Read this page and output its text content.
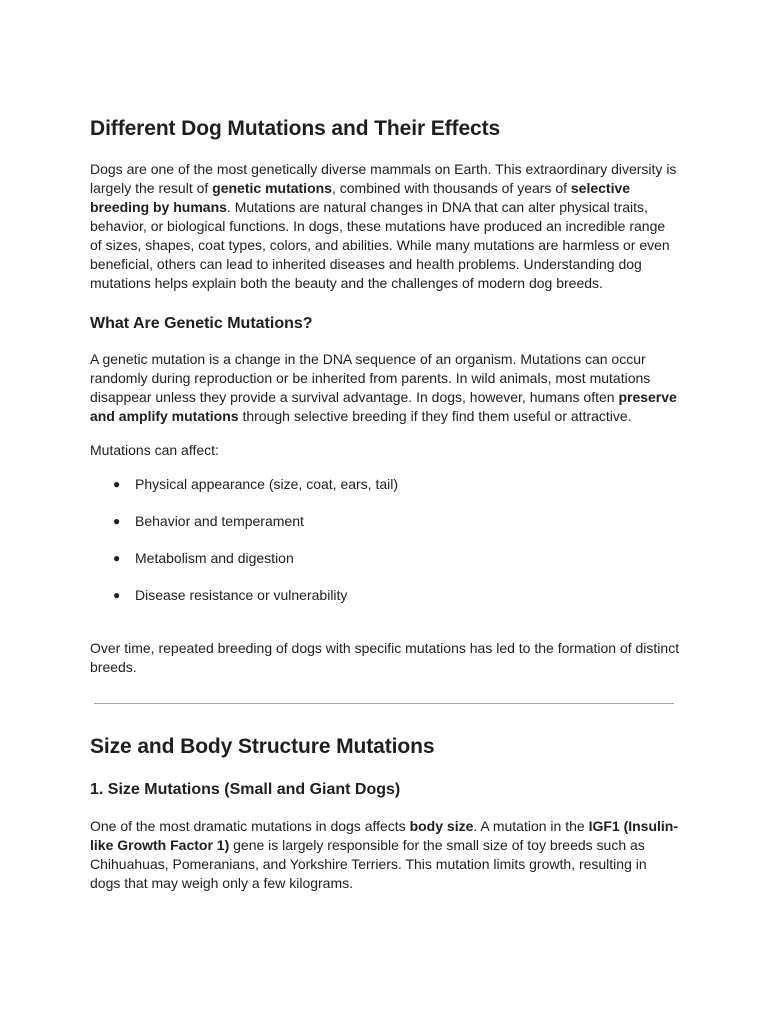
Different Dog Mutations and Their Effects

Dogs are one of the most genetically diverse mammals on Earth. This extraordinary diversity is largely the result of genetic mutations, combined with thousands of years of selective breeding by humans. Mutations are natural changes in DNA that can alter physical traits, behavior, or biological functions. In dogs, these mutations have produced an incredible range of sizes, shapes, coat types, colors, and abilities. While many mutations are harmless or even beneficial, others can lead to inherited diseases and health problems. Understanding dog mutations helps explain both the beauty and the challenges of modern dog breeds.

What Are Genetic Mutations?

A genetic mutation is a change in the DNA sequence of an organism. Mutations can occur randomly during reproduction or be inherited from parents. In wild animals, most mutations disappear unless they provide a survival advantage. In dogs, however, humans often preserve and amplify mutations through selective breeding if they find them useful or attractive.

Mutations can affect:

● Physical appearance (size, coat, ears, tail)
● Behavior and temperament
● Metabolism and digestion
● Disease resistance or vulnerability

Over time, repeated breeding of dogs with specific mutations has led to the formation of distinct breeds.

Size and Body Structure Mutations
1. Size Mutations (Small and Giant Dogs)

One of the most dramatic mutations in dogs affects body size. A mutation in the IGF1 (Insulin-like Growth Factor 1) gene is largely responsible for the small size of toy breeds such as Chihuahuas, Pomeranians, and Yorkshire Terriers. This mutation limits growth, resulting in dogs that may weigh only a few kilograms.
